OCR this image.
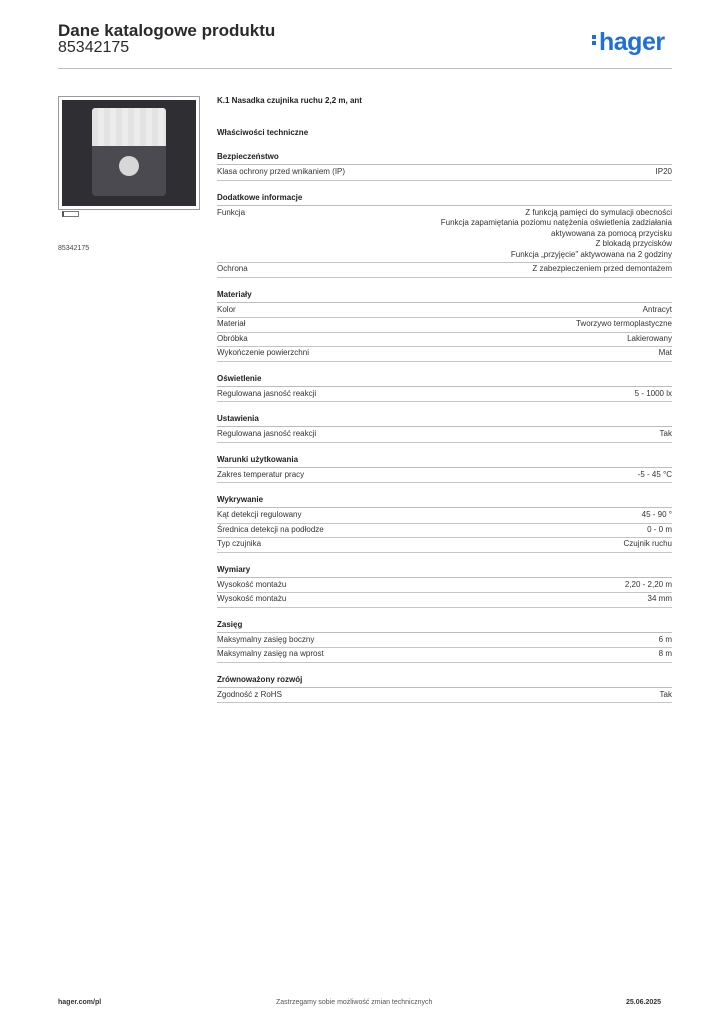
Dane katalogowe produktu
85342175	hager
85342175
K.1 Nasadka czujnika ruchu 2,2 m, ant
Właściwości techniczne
Bezpieczeństwo
Klasa ochrony przed wnikaniem (IP)	IP20
Dodatkowe informacje
Funkcja	Z funkcją pamięci do symulacji obecności
Funkcja zapamiętania poziomu natężenia oświetlenia zadziałania
aktywowana za pomocą przycisku
Z blokadą przycisków
Funkcja „przyjęcie" aktywowana na 2 godziny
Ochrona	Z zabezpieczeniem przed demontażem
Materiały
Kolor	Antracyt
Materiał	Tworzywo termoplastyczne
Obróbka	Lakierowany
Wykończenie powierzchni	Mat
Oświetlenie
Regulowana jasność reakcji	5 - 1000 lx
Ustawienia
Regulowana jasność reakcji	Tak
Warunki użytkowania
Zakres temperatur pracy	-5 - 45 °C
Wykrywanie
Kąt detekcji regulowany	45 - 90 °
Średnica detekcji na podłodze	0 - 0 m
Typ czujnika	Czujnik ruchu
Wymiary
Wysokość montażu	2,20 - 2,20 m
Wysokość montażu	34 mm
Zasięg
Maksymalny zasięg boczny	6 m
Maksymalny zasięg na wprost	8 m
Zrównoważony rozwój
Zgodność z RoHS	Tak
hager.com/pl	Zastrzegamy sobie możliwość zmian technicznych	25.06.2025
